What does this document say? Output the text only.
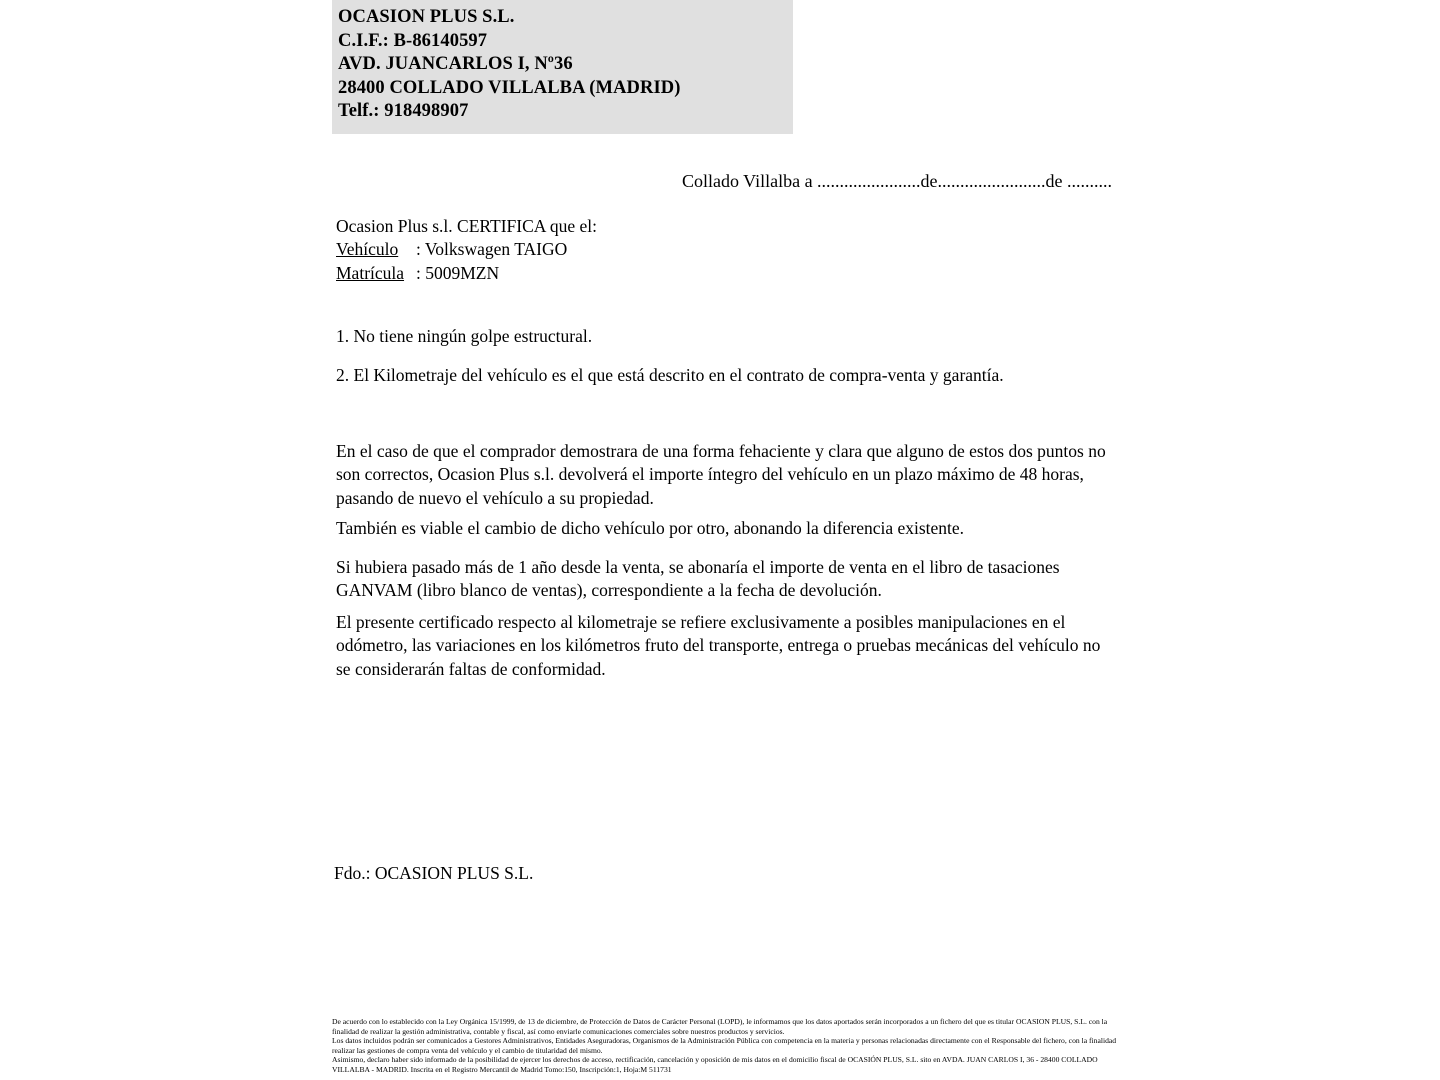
OCASION PLUS S.L.
C.I.F.: B-86140597
AVD. JUANCARLOS I, Nº36
28400 COLLADO VILLALBA (MADRID)
Telf.: 918498907
Collado Villalba a .......................de........................de ..........
Ocasion Plus s.l. CERTIFICA que el:
Vehículo : Volkswagen TAIGO
Matrícula : 5009MZN
1. No tiene ningún golpe estructural.
2. El Kilometraje del vehículo es el que está descrito en el contrato de compra-venta y garantía.
En el caso de que el comprador demostrara de una forma fehaciente y clara que alguno de estos dos puntos no son correctos, Ocasion Plus s.l. devolverá el importe íntegro del vehículo en un plazo máximo de 48 horas, pasando de nuevo el vehículo a su propiedad.
También es viable el cambio de dicho vehículo por otro, abonando la diferencia existente.
Si hubiera pasado más de 1 año desde la venta, se abonaría el importe de venta en el libro de tasaciones GANVAM (libro blanco de ventas), correspondiente a la fecha de devolución.
El presente certificado respecto al kilometraje se refiere exclusivamente a posibles manipulaciones en el odómetro, las variaciones en los kilómetros fruto del transporte, entrega o pruebas mecánicas del vehículo no se considerarán faltas de conformidad.
Fdo.: OCASION PLUS S.L.

De acuerdo con lo establecido con la Ley Orgánica 15/1999, de 13 de diciembre, de Protección de Datos de Carácter Personal (LOPD), le informamos que los datos aportados serán incorporados a un fichero del que es titular OCASION PLUS, S.L. con la finalidad de realizar la gestión administrativa, contable y fiscal, así como enviarle comunicaciones comerciales sobre nuestros productos y servicios.

Los datos incluidos podrán ser comunicados a Gestores Administrativos, Entidades Aseguradoras, Organismos de la Administración Pública con competencia en la materia y personas relacionadas directamente con el Responsable del fichero, con la finalidad realizar las gestiones de compra venta del vehículo y el cambio de titularidad del mismo.

Asimismo, declaro haber sido informado de la posibilidad de ejercer los derechos de acceso, rectificación, cancelación y oposición de mis datos en el domicilio fiscal de OCASIÓN PLUS, S.L. sito en AVDA. JUAN CARLOS I, 36 - 28400 COLLADO VILLALBA - MADRID. Inscrita en el Registro Mercantil de Madrid Tomo:150, Inscripción:1, Hoja:M 511731
